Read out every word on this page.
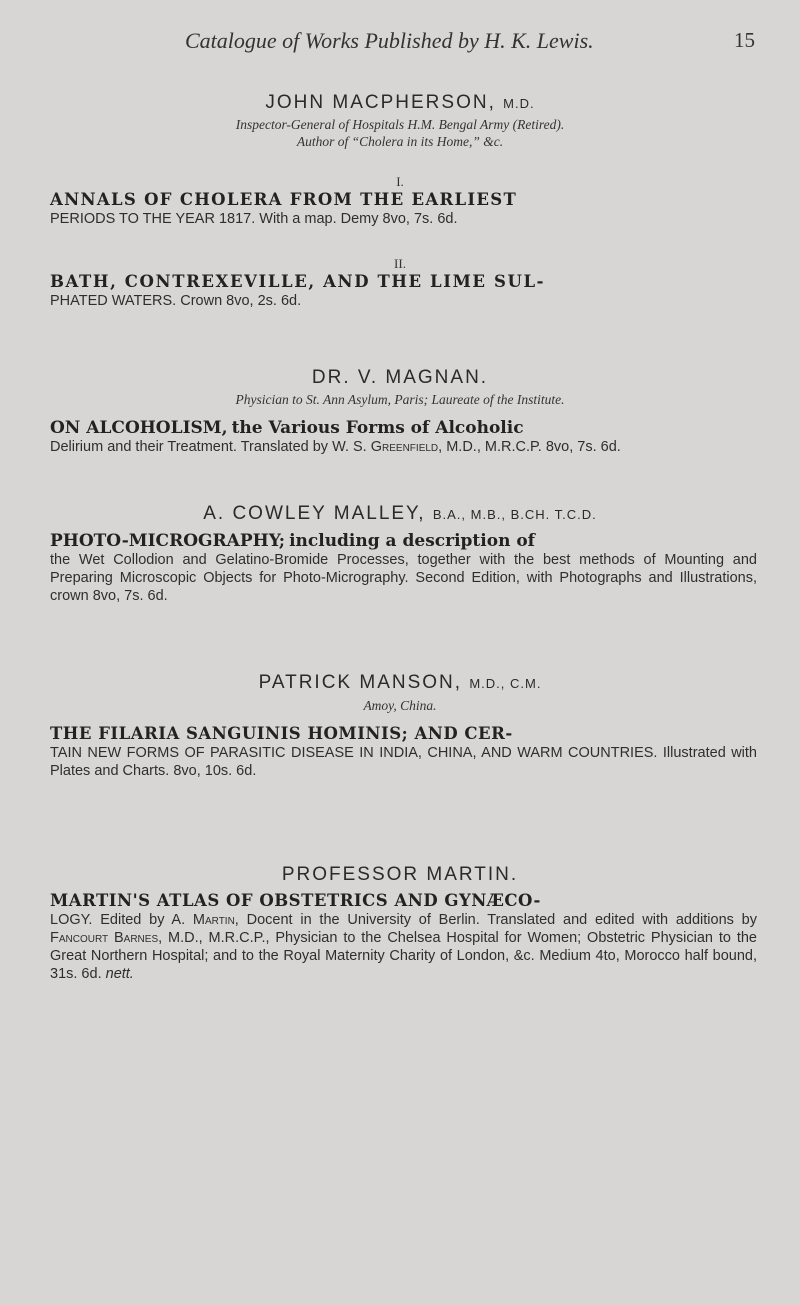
Catalogue of Works Published by H. K. Lewis.	15
JOHN MACPHERSON, M.D.
Inspector-General of Hospitals H.M. Bengal Army (Retired).
Author of “Cholera in its Home,” &c.
I.
ANNALS OF CHOLERA FROM THE EARLIEST
PERIODS TO THE YEAR 1817. With a map. Demy 8vo, 7s. 6d.
II.
BATH, CONTREXEVILLE, AND THE LIME SUL-
PHATED WATERS. Crown 8vo, 2s. 6d.
DR. V. MAGNAN.
Physician to St. Ann Asylum, Paris; Laureate of the Institute.
ON ALCOHOLISM, the Various Forms of Alcoholic
Delirium and their Treatment. Translated by W. S. Greenfield, M.D., M.R.C.P. 8vo, 7s. 6d.
A. COWLEY MALLEY, B.A., M.B., B.CH. T.C.D.
PHOTO-MICROGRAPHY; including a description of
the Wet Collodion and Gelatino-Bromide Processes, together with the best methods of Mounting and Preparing Microscopic Objects for Photo-Micrography. Second Edition, with Photographs and Illustrations, crown 8vo, 7s. 6d.
PATRICK MANSON, M.D., C.M.
Amoy, China.
THE FILARIA SANGUINIS HOMINIS; AND CER-
TAIN NEW FORMS OF PARASITIC DISEASE IN INDIA, CHINA, AND WARM COUNTRIES. Illustrated with Plates and Charts. 8vo, 10s. 6d.
PROFESSOR MARTIN.
MARTIN'S ATLAS OF OBSTETRICS AND GYNÆCO-
LOGY. Edited by A. Martin, Docent in the University of Berlin. Translated and edited with additions by Fancourt Barnes, M.D., M.R.C.P., Physician to the Chelsea Hospital for Women; Obstetric Physician to the Great Northern Hospital; and to the Royal Maternity Charity of London, &c. Medium 4to, Morocco half bound, 31s. 6d. nett.
